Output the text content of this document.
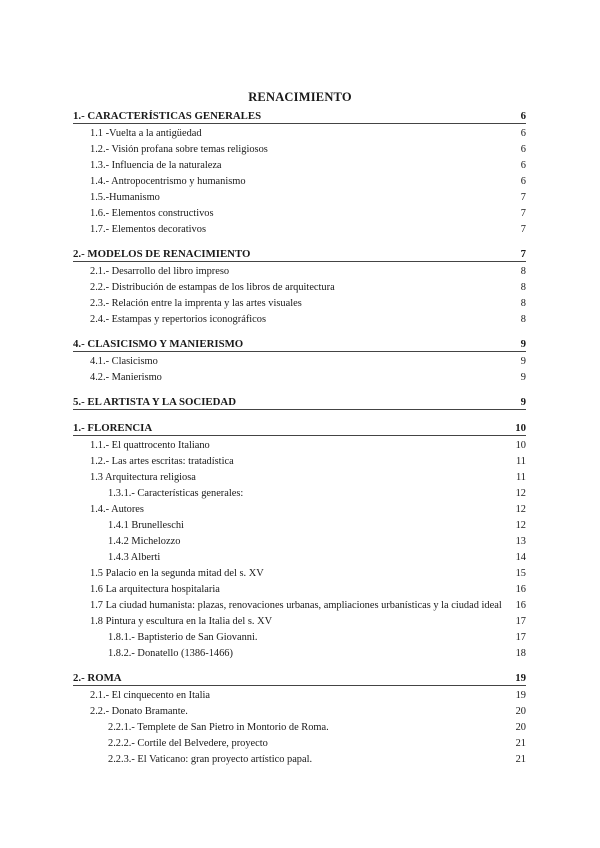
RENACIMIENTO
1.- CARACTERÍSTICAS GENERALES	6
1.1 -Vuelta a la antigüedad	6
1.2.- Visión profana sobre temas religiosos	6
1.3.- Influencia de la naturaleza	6
1.4.- Antropocentrismo y humanismo	6
1.5.-Humanismo	7
1.6.- Elementos constructivos	7
1.7.- Elementos decorativos	7
2.- MODELOS DE RENACIMIENTO	7
2.1.- Desarrollo del libro impreso	8
2.2.- Distribución de estampas de los libros de arquitectura	8
2.3.- Relación entre la imprenta y las artes visuales	8
2.4.- Estampas y repertorios iconográficos	8
4.- CLASICISMO Y MANIERISMO	9
4.1.- Clasicismo	9
4.2.- Manierismo	9
5.- EL ARTISTA Y LA SOCIEDAD	9
1.- FLORENCIA	10
1.1.- El quattrocento Italiano	10
1.2.- Las artes escritas: tratadística	11
1.3 Arquitectura religiosa	11
1.3.1.- Características generales:	12
1.4.- Autores	12
1.4.1 Brunelleschi	12
1.4.2 Michelozzo	13
1.4.3 Alberti	14
1.5 Palacio en la segunda mitad del s. XV	15
1.6 La arquitectura hospitalaria	16
1.7 La ciudad humanista: plazas, renovaciones urbanas, ampliaciones urbanísticas y la ciudad ideal	16
1.8 Pintura y escultura en la Italia del s. XV	17
1.8.1.- Baptisterio de San Giovanni.	17
1.8.2.- Donatello (1386-1466)	18
2.- ROMA	19
2.1.- El cinquecento en Italia	19
2.2.- Donato Bramante.	20
2.2.1.- Templete de San Pietro in Montorio de Roma.	20
2.2.2.- Cortile del Belvedere, proyecto	21
2.2.3.- El Vaticano: gran proyecto artístico papal.	21
